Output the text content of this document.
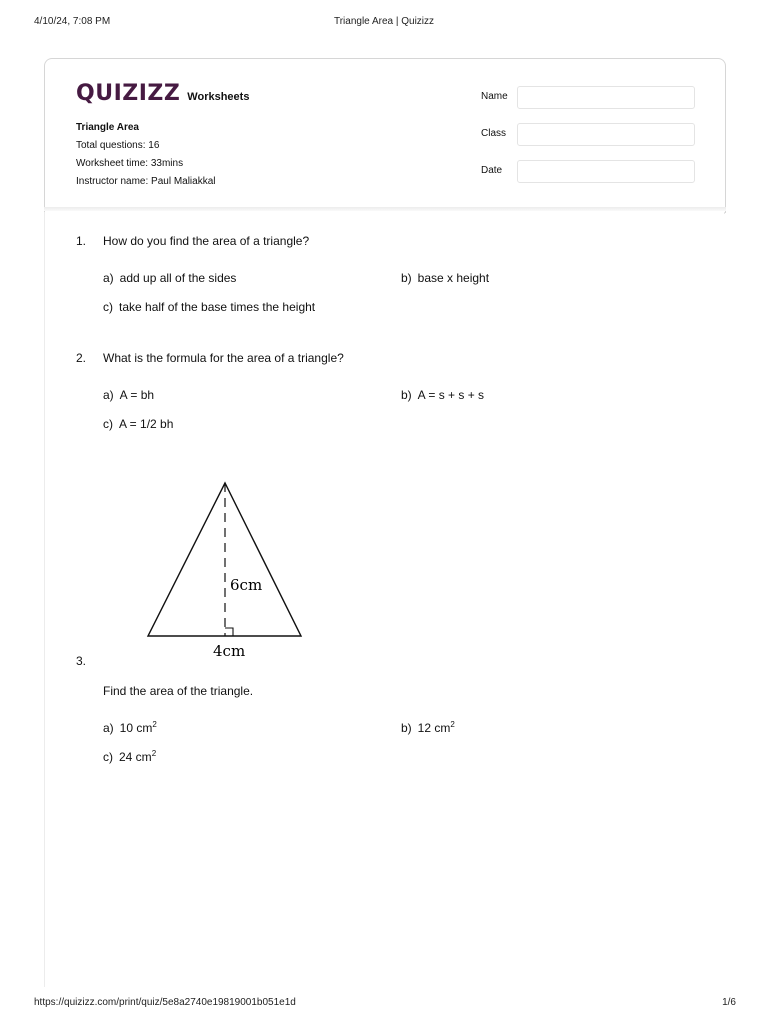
4/10/24, 7:08 PM	Triangle Area | Quizizz
QUIZIZZ Worksheets
Triangle Area
Total questions: 16
Worksheet time: 33mins
Instructor name: Paul Maliakkal
Name
Class
Date
1. How do you find the area of a triangle?
a) add up all of the sides	b) base x height
c) take half of the base times the height
2. What is the formula for the area of a triangle?
a) A = bh	b) A = s + s + s
c) A = 1/2 bh
6cm
4cm
3.
Find the area of the triangle.
a) 10 $cm^2$	b) 12 $cm^2$
c) 24 $cm^2$
https://quizizz.com/print/quiz/5e8a2740e19819001b051e1d	1/6
